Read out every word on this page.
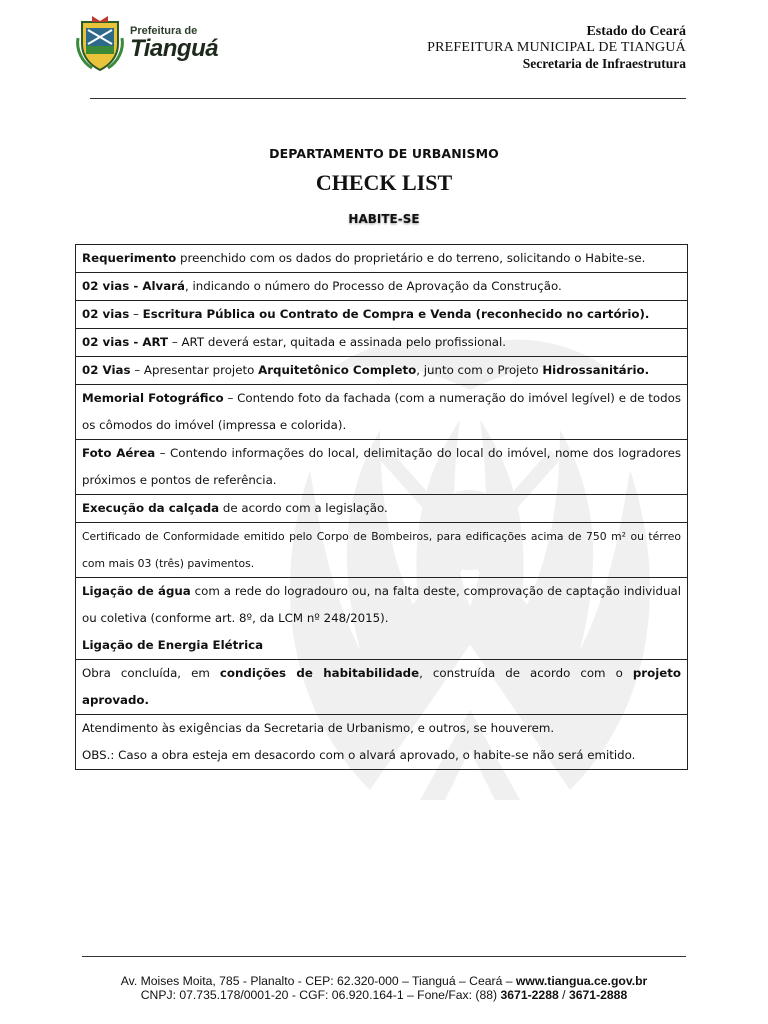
Prefeitura de
Tianguá
Estado do Ceará
PREFEITURA MUNICIPAL DE TIANGUÁ
Secretaria de Infraestrutura
DEPARTAMENTO DE URBANISMO
CHECK LIST
HABITE-SE
Requerimento preenchido com os dados do proprietário e do terreno, solicitando o Habite-se.
02 vias - Alvará, indicando o número do Processo de Aprovação da Construção.
02 vias – Escritura Pública ou Contrato de Compra e Venda (reconhecido no cartório).
02 vias - ART – ART deverá estar, quitada e assinada pelo profissional.
02 Vias – Apresentar projeto Arquitetônico Completo, junto com o Projeto Hidrossanitário.
Memorial Fotográfico – Contendo foto da fachada (com a numeração do imóvel legível) e de todos os cômodos do imóvel (impressa e colorida).
Foto Aérea – Contendo informações do local, delimitação do local do imóvel, nome dos logradores próximos e pontos de referência.
Execução da calçada de acordo com a legislação.
Certificado de Conformidade emitido pelo Corpo de Bombeiros, para edificações acima de 750 m² ou térreo com mais 03 (três) pavimentos.
Ligação de água com a rede do logradouro ou, na falta deste, comprovação de captação individual ou coletiva (conforme art. 8º, da LCM nº 248/2015).
Ligação de Energia Elétrica

Obra concluída, em condições de habitabilidade, construída de acordo com o projeto aprovado.

Atendimento às exigências da Secretaria de Urbanismo, e outros, se houverem.
OBS.: Caso a obra esteja em desacordo com o alvará aprovado, o habite-se não será emitido.
Av. Moises Moita, 785 - Planalto - CEP: 62.320-000 – Tianguá – Ceará – www.tiangua.ce.gov.br
CNPJ: 07.735.178/0001-20 - CGF: 06.920.164-1 – Fone/Fax: (88) 3671-2288 / 3671-2888
